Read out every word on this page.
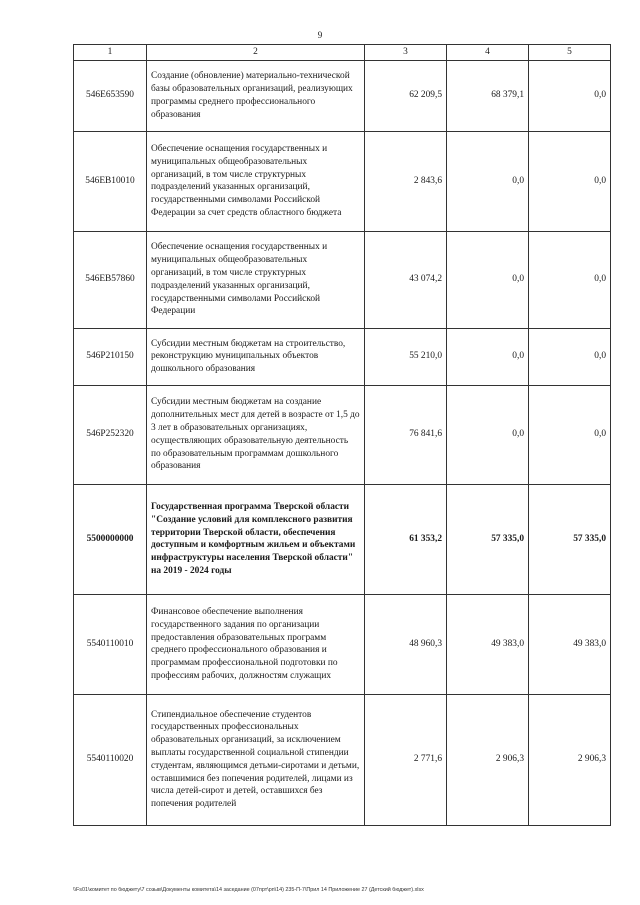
9
1	2	3	4	5
546E653590	Создание (обновление) материально-технической базы образовательных организаций, реализующих программы среднего профессионального образования	62 209,5	68 379,1	0,0
546EB10010	Обеспечение оснащения государственных и муниципальных общеобразовательных организаций, в том числе структурных подразделений указанных организаций, государственными символами Российской Федерации за счет средств областного бюджета	2 843,6	0,0	0,0
546EB57860	Обеспечение оснащения государственных и муниципальных общеобразовательных организаций, в том числе структурных подразделений указанных организаций, государственными символами Российской Федерации	43 074,2	0,0	0,0
546P210150	Субсидии местным бюджетам на строительство, реконструкцию муниципальных объектов дошкольного образования	55 210,0	0,0	0,0
546P252320	Субсидии местным бюджетам на создание дополнительных мест для детей в возрасте от 1,5 до 3 лет в образовательных организациях, осуществляющих образовательную деятельность по образовательным программам дошкольного образования	76 841,6	0,0	0,0
5500000000	Государственная программа Тверской области "Создание условий для комплексного развития территории Тверской области, обеспечения доступным и комфортным жильем и объектами инфраструктуры населения Тверской области" на 2019 - 2024 годы	61 353,2	57 335,0	57 335,0
5540110010	Финансовое обеспечение выполнения государственного задания по организации предоставления образовательных программ среднего профессионального образования и программам профессиональной подготовки по профессиям рабочих, должностям служащих	48 960,3	49 383,0	49 383,0
5540110020	Стипендиальное обеспечение студентов государственных профессиональных образовательных организаций, за исключением выплаты государственной социальной стипендии студентам, являющимся детьми-сиротами и детьми, оставшимися без попечения родителей, лицами из числа детей-сирот и детей, оставшихся без попечения родителей	2 771,6	2 906,3	2 906,3
\\Fs01\комитет по бюджету\7 созыв\Документы комитета\14 заседание (07прт\рп\14) 235-П-7\Прил 14 Приложение 27 (Детский бюджет).xlsx
